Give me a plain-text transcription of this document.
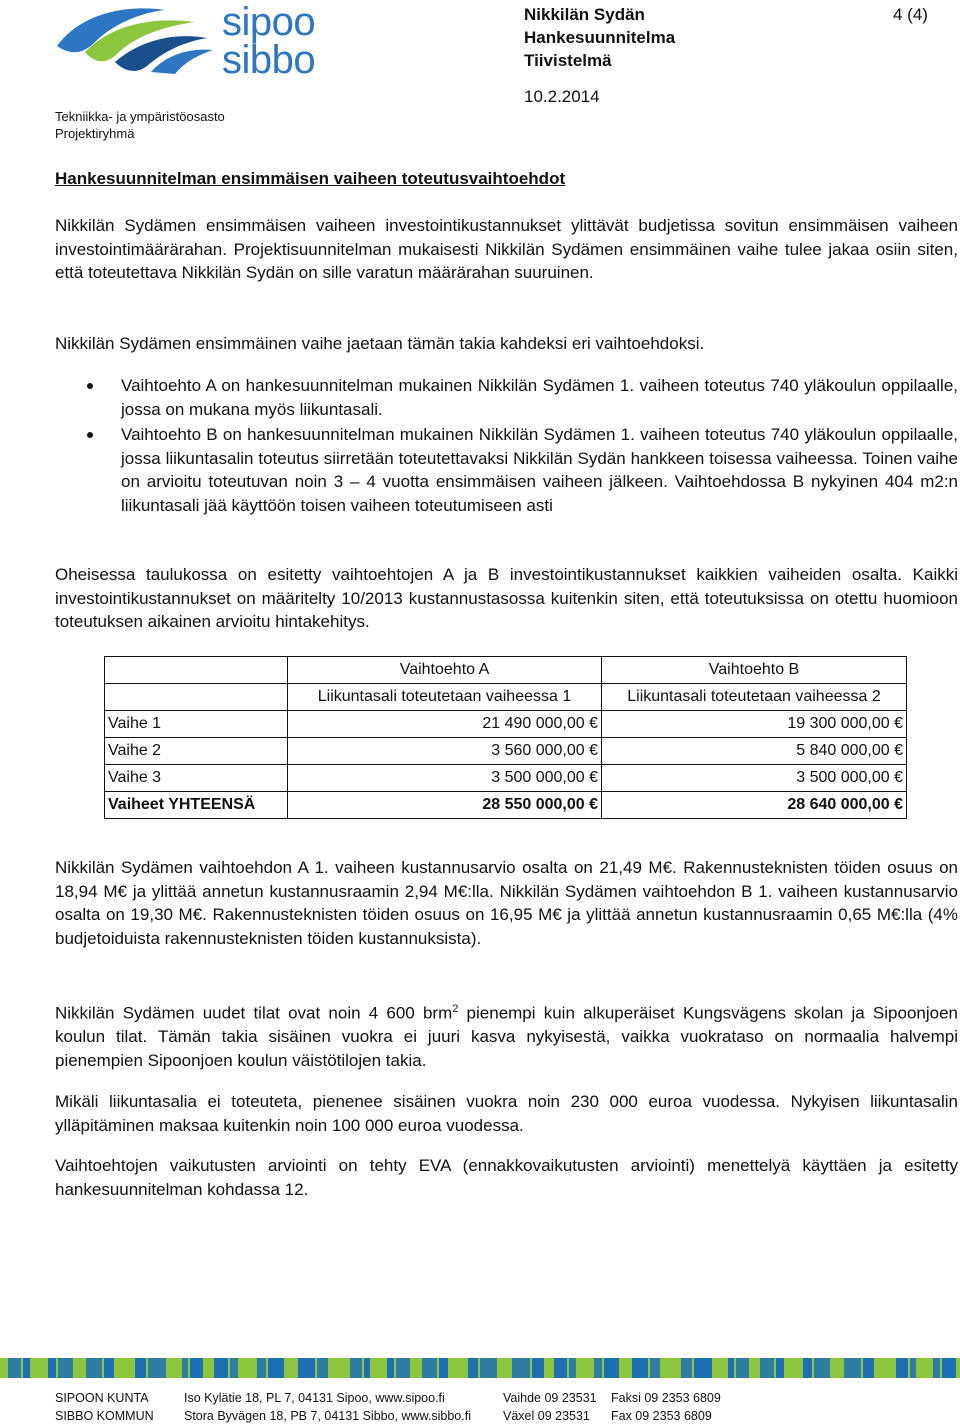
sipoo
sibbo
Tekniikka- ja ympäristöosasto
Projektiryhmä
Nikkilän Sydän
Hankesuunnitelma
Tiivistelmä
10.2.2014
4 (4)
Hankesuunnitelman ensimmäisen vaiheen toteutusvaihtoehdot

Nikkilän Sydämen ensimmäisen vaiheen investointikustannukset ylittävät budjetissa sovitun ensimmäisen vaiheen investointimäärärahan. Projektisuunnitelman mukaisesti Nikkilän Sydämen ensimmäinen vaihe tulee jakaa osiin siten, että toteutettava Nikkilän Sydän on sille varatun määrärahan suuruinen.

Nikkilän Sydämen ensimmäinen vaihe jaetaan tämän takia kahdeksi eri vaihtoehdoksi.

Vaihtoehto A on hankesuunnitelman mukainen Nikkilän Sydämen 1. vaiheen toteutus 740 yläkoulun oppilaalle, jossa on mukana myös liikuntasali.
Vaihtoehto B on hankesuunnitelman mukainen Nikkilän Sydämen 1. vaiheen toteutus 740 yläkoulun oppilaalle, jossa liikuntasalin toteutus siirretään toteutettavaksi Nikkilän Sydän hankkeen toisessa vaiheessa. Toinen vaihe on arvioitu toteutuvan noin 3 – 4 vuotta ensimmäisen vaiheen jälkeen. Vaihtoehdossa B nykyinen 404 m2:n liikuntasali jää käyttöön toisen vaiheen toteutumiseen asti

Oheisessa taulukossa on esitetty vaihtoehtojen A ja B investointikustannukset kaikkien vaiheiden osalta. Kaikki investointikustannukset on määritelty 10/2013 kustannustasossa kuitenkin siten, että toteutuksissa on otettu huomioon toteutuksen aikainen arvioitu hintakehitys.

	Vaihtoehto A	Vaihtoehto B
	Liikuntasali toteutetaan vaiheessa 1	Liikuntasali toteutetaan vaiheessa 2
Vaihe 1	21 490 000,00 €	19 300 000,00 €
Vaihe 2	3 560 000,00 €	5 840 000,00 €
Vaihe 3	3 500 000,00 €	3 500 000,00 €
Vaiheet YHTEENSÄ	28 550 000,00 €	28 640 000,00 €

Nikkilän Sydämen vaihtoehdon A 1. vaiheen kustannusarvio osalta on 21,49 M€. Rakennusteknisten töiden osuus on 18,94 M€ ja ylittää annetun kustannusraamin 2,94 M€:lla. Nikkilän Sydämen vaihtoehdon B 1. vaiheen kustannusarvio osalta on 19,30 M€. Rakennusteknisten töiden osuus on 16,95 M€ ja ylittää annetun kustannusraamin 0,65 M€:lla (4% budjetoiduista rakennusteknisten töiden kustannuksista).

Nikkilän Sydämen uudet tilat ovat noin 4 600 brm$^2$ pienempi kuin alkuperäiset Kungsvägens skolan ja Sipoonjoen koulun tilat. Tämän takia sisäinen vuokra ei juuri kasva nykyisestä, vaikka vuokrataso on normaalia halvempi pienempien Sipoonjoen koulun väistötilojen takia.

Mikäli liikuntasalia ei toteuteta, pienenee sisäinen vuokra noin 230 000 euroa vuodessa. Nykyisen liikuntasalin ylläpitäminen maksaa kuitenkin noin 100 000 euroa vuodessa.

Vaihtoehtojen vaikutusten arviointi on tehty EVA (ennakkovaikutusten arviointi) menettelyä käyttäen ja esitetty hankesuunnitelman kohdassa 12.

SIPOON KUNTA	Iso Kylätie 18, PL 7, 04131 Sipoo, www.sipoo.fi	Vaihde 09 23531 Faksi 09 2353 6809
SIBBO KOMMUN Stora Byvägen 18, PB 7, 04131 Sibbo, www.sibbo.fi	Växel 09 23531 Fax 09 2353 6809
